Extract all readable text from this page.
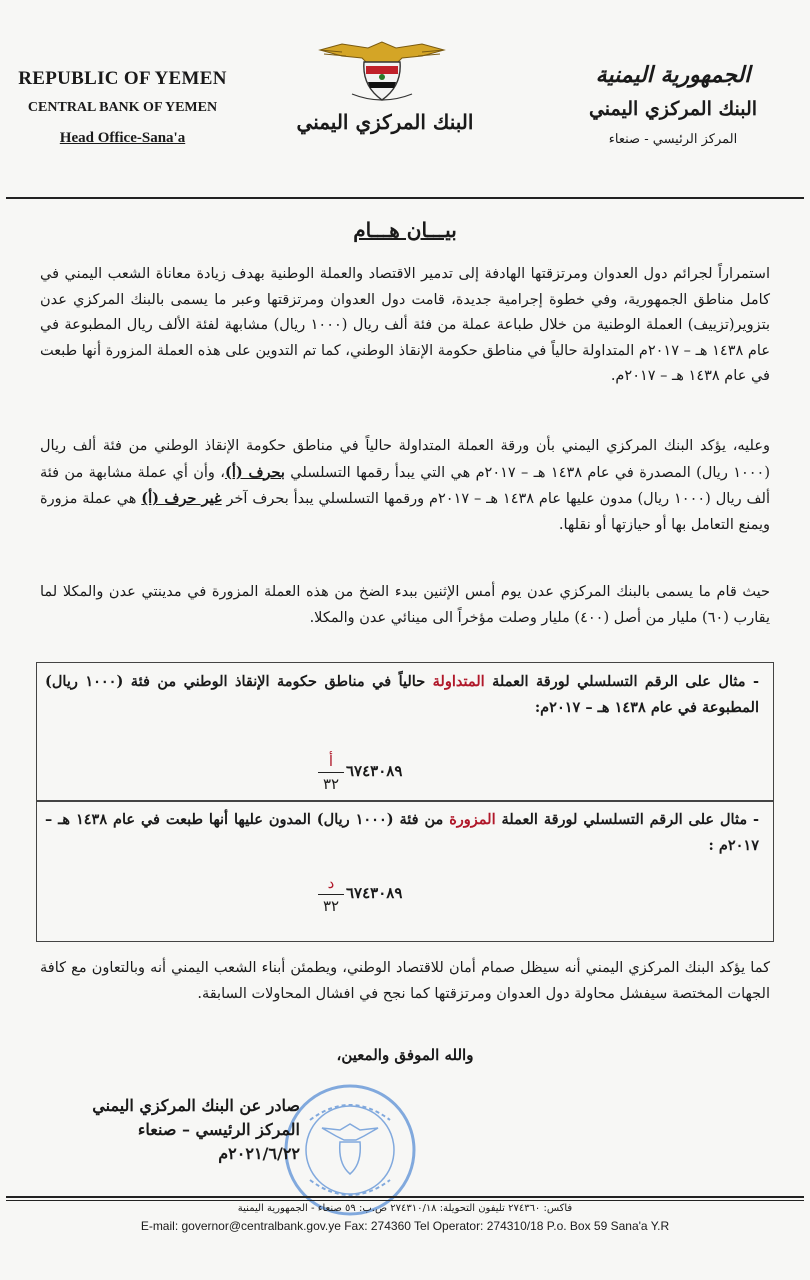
REPUBLIC OF YEMEN
CENTRAL BANK OF YEMEN
Head Office-Sana'a
البنك المركزي اليمني
الجمهورية اليمنية
البنك المركزي اليمني
المركز الرئيسي - صنعاء
بيـــان هـــام
استمراراً لجرائم دول العدوان ومرتزقتها الهادفة إلى تدمير الاقتصاد والعملة الوطنية بهدف زيادة معاناة الشعب اليمني في كامل مناطق الجمهورية، وفي خطوة إجرامية جديدة، قامت دول العدوان ومرتزقتها وعبر ما يسمى بالبنك المركزي عدن بتزوير(تزييف) العملة الوطنية من خلال طباعة عملة من فئة ألف ريال (١٠٠٠ ريال) مشابهة لفئة الألف ريال المطبوعة في عام ١٤٣٨ هـ – ٢٠١٧م المتداولة حالياً في مناطق حكومة الإنقاذ الوطني، كما تم التدوين على هذه العملة المزورة أنها طبعت في عام ١٤٣٨ هـ – ٢٠١٧م.
وعليه، يؤكد البنك المركزي اليمني بأن ورقة العملة المتداولة حالياً في مناطق حكومة الإنقاذ الوطني من فئة ألف ريال (١٠٠٠ ريال) المصدرة في عام ١٤٣٨ هـ – ٢٠١٧م هي التي يبدأ رقمها التسلسلي بحرف (أ)، وأن أي عملة مشابهة من فئة ألف ريال (١٠٠٠ ريال) مدون عليها عام ١٤٣٨ هـ – ٢٠١٧م ورقمها التسلسلي يبدأ بحرف آخر غير حرف (أ) هي عملة مزورة ويمنع التعامل بها أو حيازتها أو نقلها.
حيث قام ما يسمى بالبنك المركزي عدن يوم أمس الإثنين ببدء الضخ من هذه العملة المزورة في مدينتي عدن والمكلا لما يقارب (٦٠) مليار من أصل (٤٠٠) مليار وصلت مؤخراً الى مينائي عدن والمكلا.
- مثال على الرقم التسلسلي لورقة العملة المتداولة حالياً في مناطق حكومة الإنقاذ الوطني من فئة (١٠٠٠ ريال) المطبوعة في عام ١٤٣٨ هـ – ٢٠١٧م:
أ
٣٢
٦٧٤٣٠٨٩
- مثال على الرقم التسلسلي لورقة العملة المزورة من فئة (١٠٠٠ ريال) المدون عليها أنها طبعت في عام ١٤٣٨ هـ – ٢٠١٧م :
د
٣٢
٦٧٤٣٠٨٩
كما يؤكد البنك المركزي اليمني أنه سيظل صمام أمان للاقتصاد الوطني، ويطمئن أبناء الشعب اليمني أنه وبالتعاون مع كافة الجهات المختصة سيفشل محاولة دول العدوان ومرتزقتها كما نجح في افشال المحاولات السابقة.
والله الموفق والمعين،
صادر عن البنك المركزي اليمني
المركز الرئيسي – صنعاء
٢٠٢١/٦/٢٢م
فاكس: ٢٧٤٣٦٠ تليفون التحويلة: ٢٧٤٣١٠/١٨ ص.ب: ٥٩ صنعاء - الجمهورية اليمنية
E-mail: governor@centralbank.gov.ye Fax: 274360 Tel Operator: 274310/18 P.o. Box 59 Sana'a Y.R
